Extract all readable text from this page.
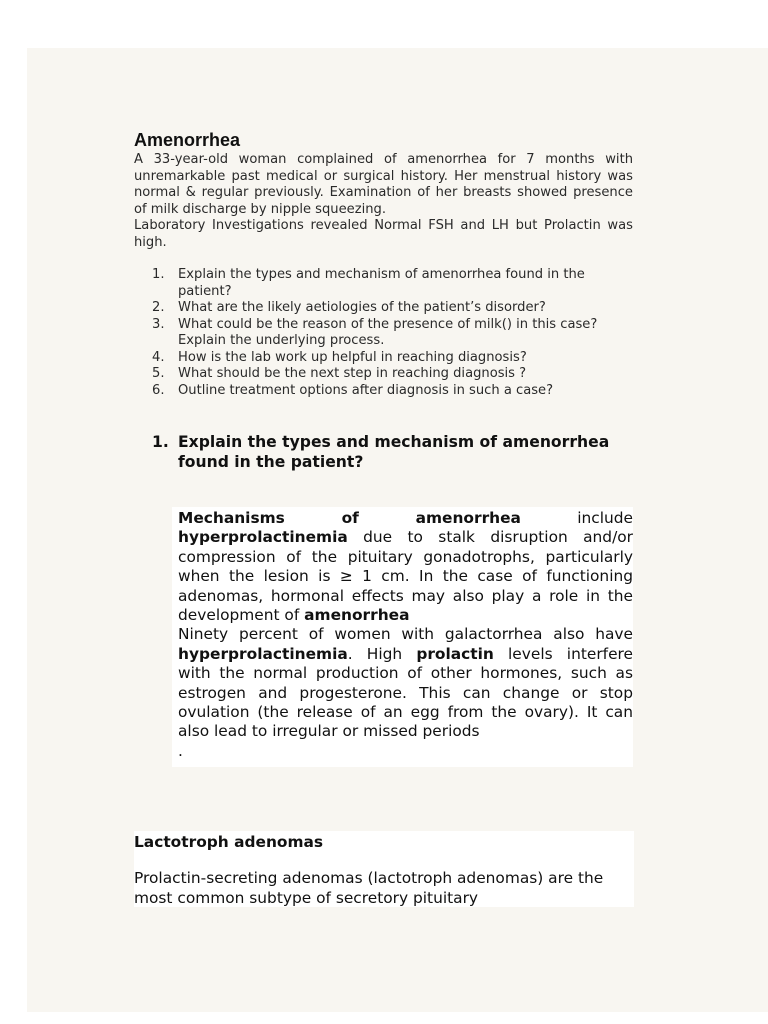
Amenorrhea

A 33-year-old woman complained of amenorrhea for 7 months with unremarkable past medical or surgical history. Her menstrual history was normal & regular previously. Examination of her breasts showed presence of milk discharge by nipple squeezing.

Laboratory Investigations revealed Normal FSH and LH but Prolactin was high.

1.	Explain the types and mechanism of amenorrhea found in the patient?
2.	What are the likely aetiologies of the patient’s disorder?
3.	What could be the reason of the presence of milk() in this case? Explain the underlying process.
4.	How is the lab work up helpful in reaching diagnosis?
5.	What should be the next step in reaching diagnosis ?
6.	Outline treatment options after diagnosis in such a case?
1. Explain the types and mechanism of amenorrhea found in the patient?

Mechanisms of amenorrhea include hyperprolactinemia due to stalk disruption and/or compression of the pituitary gonadotrophs, particularly when the lesion is ≥ 1 cm. In the case of functioning adenomas, hormonal effects may also play a role in the development of amenorrhea

Ninety percent of women with galactorrhea also have hyperprolactinemia. High prolactin levels interfere with the normal production of other hormones, such as estrogen and progesterone. This can change or stop ovulation (the release of an egg from the ovary). It can also lead to irregular or missed periods

.

Lactotroph adenomas

Prolactin-secreting adenomas (lactotroph adenomas) are the most common subtype of secretory pituitary
